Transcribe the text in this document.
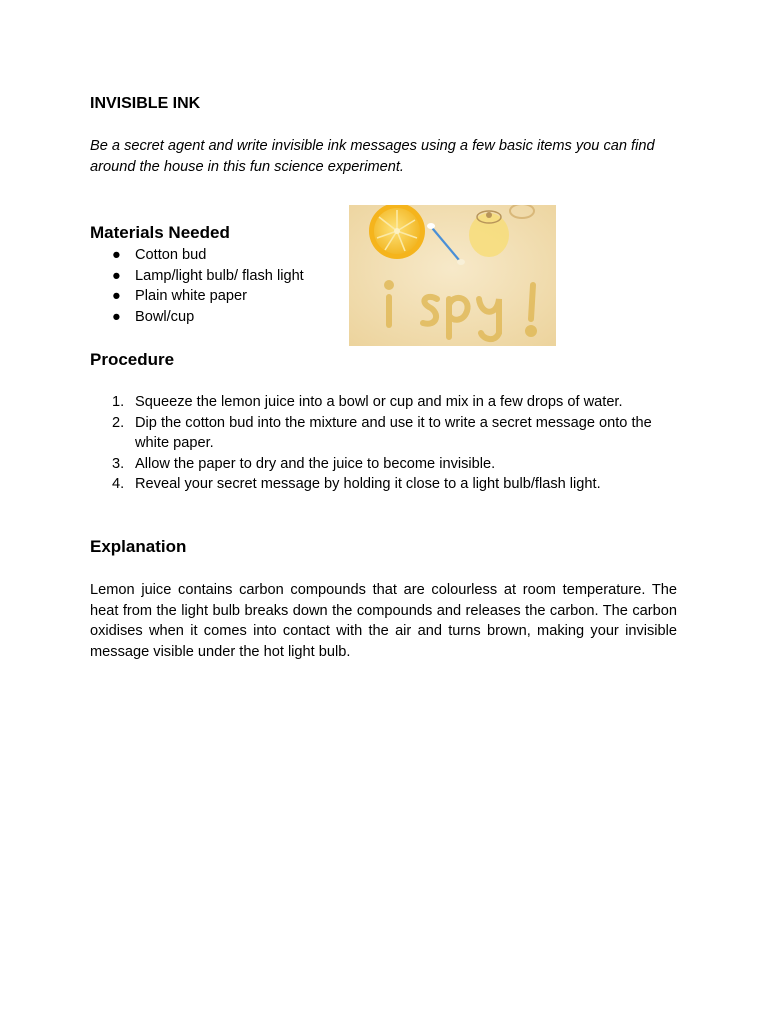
INVISIBLE INK

Be a secret agent and write invisible ink messages using a few basic items you can find around the house in this fun science experiment.

Materials Needed
● Cotton bud
● Lamp/light bulb/ flash light
● Plain white paper
● Bowl/cup
Procedure
1. Squeeze the lemon juice into a bowl or cup and mix in a few drops of water.
2. Dip the cotton bud into the mixture and use it to write a secret message onto the white paper.
3. Allow the paper to dry and the juice to become invisible.
4. Reveal your secret message by holding it close to a light bulb/flash light.
Explanation

Lemon juice contains carbon compounds that are colourless at room temperature. The heat from the light bulb breaks down the compounds and releases the carbon. The carbon oxidises when it comes into contact with the air and turns brown, making your invisible message visible under the hot light bulb.
